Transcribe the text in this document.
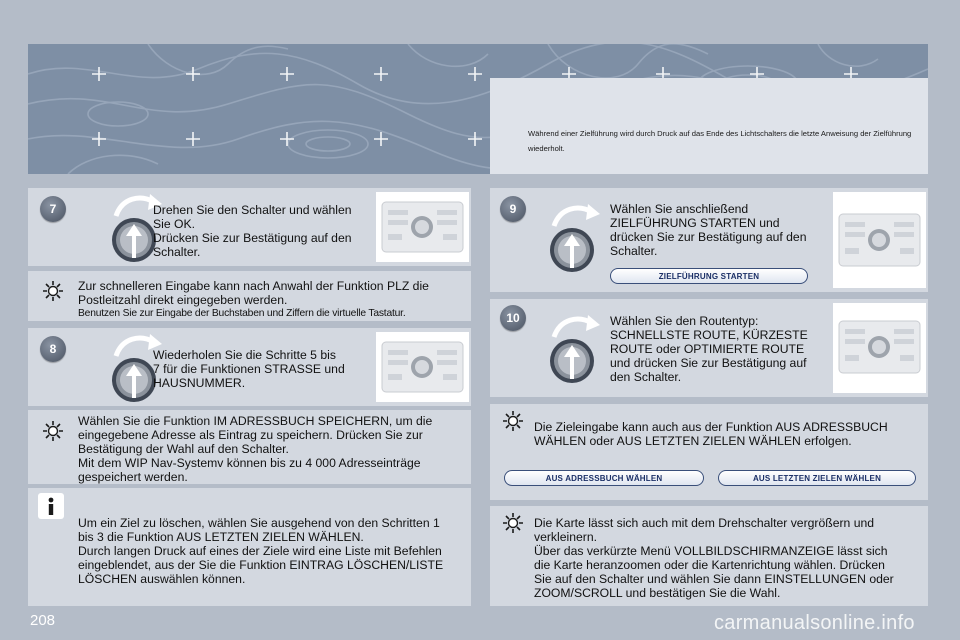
Während einer Zielführung wird durch Druck auf das Ende des Lichtschalters die letzte Anweisung der Zielführung wiederholt.
7	Drehen Sie den Schalter und wählen
Sie OK.
Drücken Sie zur Bestätigung auf den
Schalter.
Zur schnelleren Eingabe kann nach Anwahl der Funktion PLZ die
Postleitzahl direkt eingegeben werden.
Benutzen Sie zur Eingabe der Buchstaben und Ziffern die virtuelle Tastatur.
8	Wiederholen Sie die Schritte 5 bis
7 für die Funktionen STRASSE und
HAUSNUMMER.
Wählen Sie die Funktion IM ADRESSBUCH SPEICHERN, um die
eingegebene Adresse als Eintrag zu speichern. Drücken Sie zur
Bestätigung der Wahl auf den Schalter.
Mit dem WIP Nav-Systemv können bis zu 4 000 Adresseinträge
gespeichert werden.
Um ein Ziel zu löschen, wählen Sie ausgehend von den Schritten 1
bis 3 die Funktion AUS LETZTEN ZIELEN WÄHLEN.
Durch langen Druck auf eines der Ziele wird eine Liste mit Befehlen
eingeblendet, aus der Sie die Funktion EINTRAG LÖSCHEN/LISTE
LÖSCHEN auswählen können.
9	Wählen Sie anschließend
ZIELFÜHRUNG STARTEN und
drücken Sie zur Bestätigung auf den
Schalter.
ZIELFÜHRUNG STARTEN
10	Wählen Sie den Routentyp:
SCHNELLSTE ROUTE, KÜRZESTE
ROUTE oder OPTIMIERTE ROUTE
und drücken Sie zur Bestätigung auf
den Schalter.
Die Zieleingabe kann auch aus der Funktion AUS ADRESSBUCH
WÄHLEN oder AUS LETZTEN ZIELEN WÄHLEN erfolgen.
AUS ADRESSBUCH WÄHLEN	AUS LETZTEN ZIELEN WÄHLEN
Die Karte lässt sich auch mit dem Drehschalter vergrößern und
verkleinern.
Über das verkürzte Menü VOLLBILDSCHIRMANZEIGE lässt sich
die Karte heranzoomen oder die Kartenrichtung wählen. Drücken
Sie auf den Schalter und wählen Sie dann EINSTELLUNGEN oder
ZOOM/SCROLL und bestätigen Sie die Wahl.
208	carmanualsonline.info
